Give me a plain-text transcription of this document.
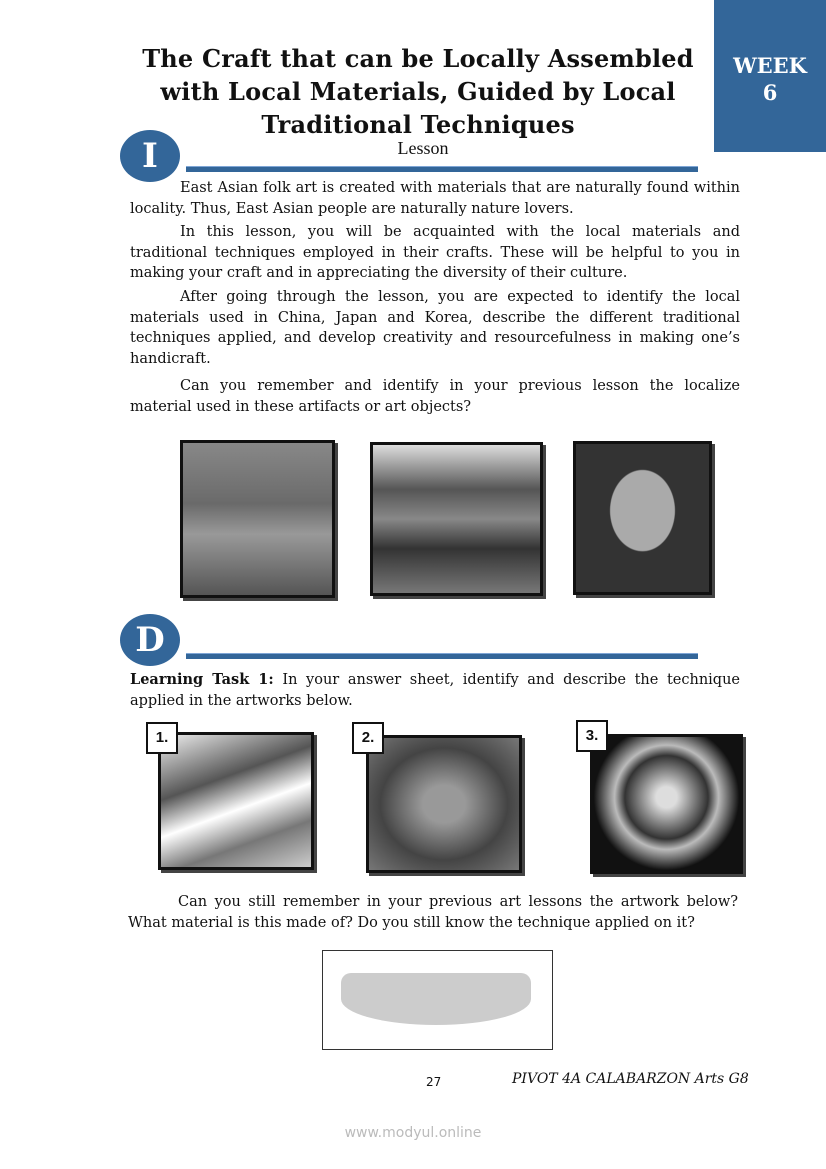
The Craft that can be Locally Assembled with Local Materials, Guided by Local Traditional Techniques
WEEK
6
I	Lesson
East Asian folk art is created with materials that are naturally found within locality. Thus, East Asian people are naturally nature lovers.
In this lesson, you will be acquainted with the local materials and traditional techniques employed in their crafts. These will be helpful to you in making your craft and in appreciating the diversity of their culture.
After going through the lesson, you are expected to identify the local materials used in China, Japan and Korea, describe the different traditional techniques applied, and develop creativity and resourcefulness in making one’s handicraft.
Can you remember and identify in your previous lesson the localize material used in these artifacts or art objects?
D
Learning Task 1: In your answer sheet, identify and describe the technique applied in the artworks below.
1.	2.	3.
Can you still remember in your previous art lessons the artwork below? What material is this made of? Do you still know the technique applied on it?
27	PIVOT 4A CALABARZON Arts G8
www.modyul.online
